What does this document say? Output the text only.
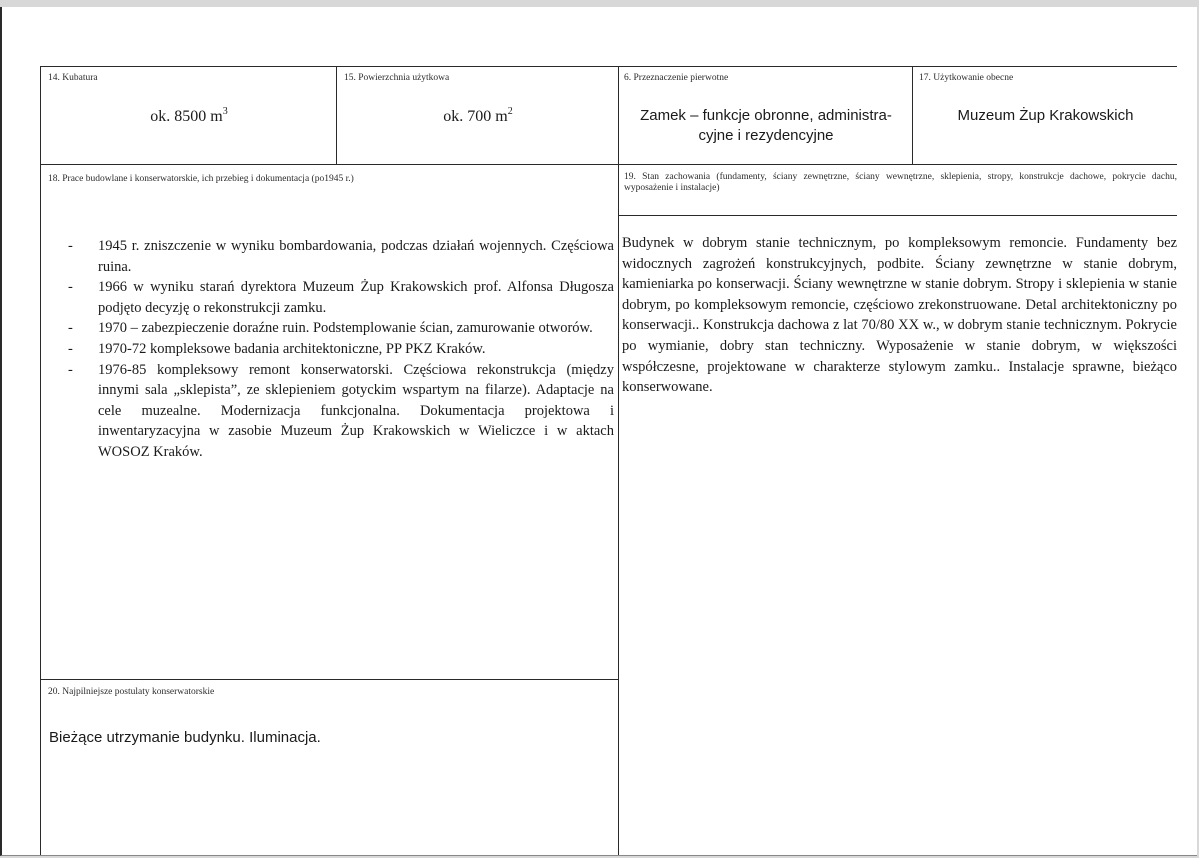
14. Kubatura
ok. 8500 $m^3$
15. Powierzchnia użytkowa
ok. 700 $m^2$
6. Przeznaczenie pierwotne
Zamek – funkcje obronne, administra-
cyjne i rezydencyjne
17. Użytkowanie obecne
Muzeum Żup Krakowskich
18. Prace budowlane i konserwatorskie, ich przebieg i dokumentacja (po1945 r.)
- 1945 r. zniszczenie w wyniku bombardowania, podczas działań wojennych. Częściowa ruina.
- 1966 w wyniku starań dyrektora Muzeum Żup Krakowskich prof. Alfonsa Długosza podjęto decyzję o rekonstrukcji zamku.
- 1970 – zabezpieczenie doraźne ruin. Podstemplowanie ścian, zamurowanie otworów.
- 1970-72 kompleksowe badania architektoniczne, PP PKZ Kraków.
- 1976-85 kompleksowy remont konserwatorski. Częściowa rekonstrukcja (między innymi sala „sklepista”, ze sklepieniem gotyckim wspartym na filarze). Adaptacje na cele muzealne. Modernizacja funkcjonalna. Dokumentacja projektowa i inwentaryzacyjna w zasobie Muzeum Żup Krakowskich w Wieliczce i w aktach WOSOZ Kraków.
19. Stan zachowania (fundamenty, ściany zewnętrzne, ściany wewnętrzne, sklepienia, stropy, konstrukcje dachowe, pokrycie dachu, wyposażenie i instalacje)
Budynek w dobrym stanie technicznym, po kompleksowym remoncie. Fundamenty bez widocznych zagrożeń konstrukcyjnych, podbite. Ściany zewnętrzne w stanie dobrym, kamieniarka po konserwacji. Ściany wewnętrzne w stanie dobrym. Stropy i sklepienia w stanie dobrym, po kompleksowym remoncie, częściowo zrekonstruowane. Detal architektoniczny po konserwacji.. Konstrukcja dachowa z lat 70/80 XX w., w dobrym stanie technicznym. Pokrycie po wymianie, dobry stan techniczny. Wyposażenie w stanie dobrym, w większości współczesne, projektowane w charakterze stylowym zamku.. Instalacje sprawne, bieżąco konserwowane.
20. Najpilniejsze postulaty konserwatorskie
Bieżące utrzymanie budynku. Iluminacja.
